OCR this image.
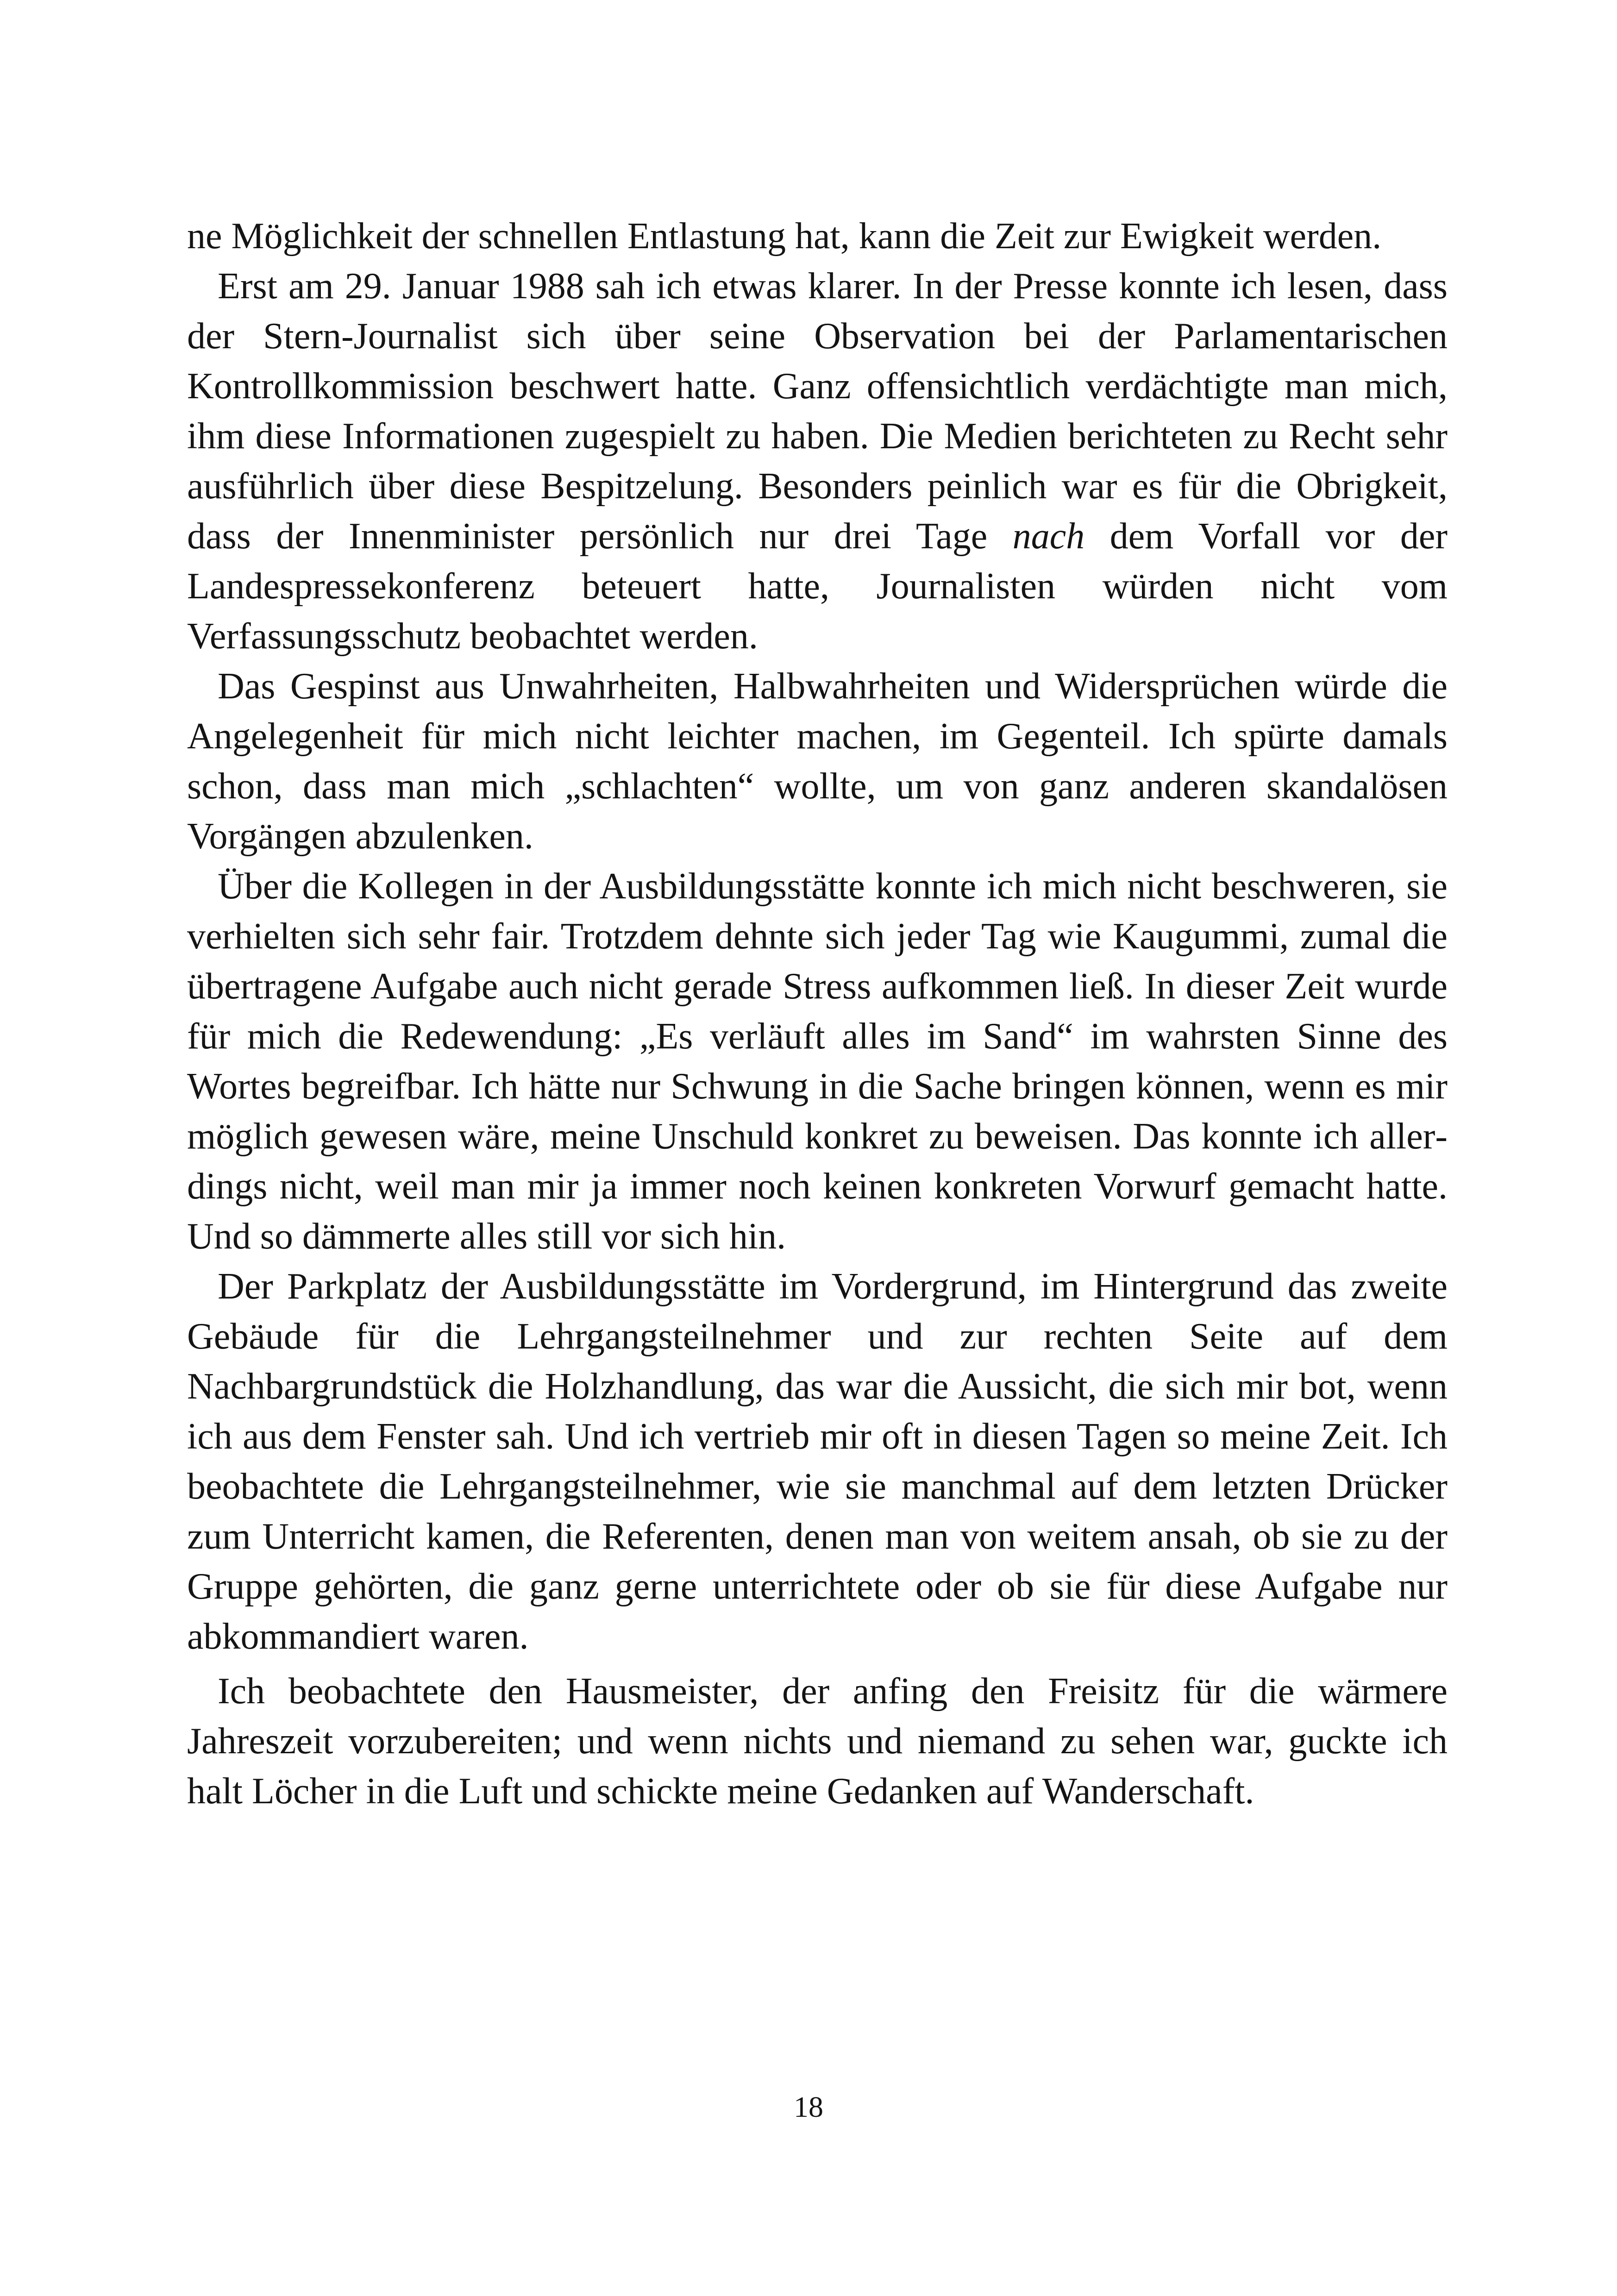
ne Möglichkeit der schnellen Entlastung hat, kann die Zeit zur Ewigkeit werden.

Erst am 29. Januar 1988 sah ich etwas klarer. In der Presse konnte ich lesen, dass der Stern-Journalist sich über seine Observation bei der Parlamentarischen Kontrollkommission beschwert hatte. Ganz offensichtlich verdächtigte man mich, ihm diese Informationen zugespielt zu haben. Die Medien berichteten zu Recht sehr ausführlich über diese Bespitzelung. Besonders peinlich war es für die Obrigkeit, dass der Innenminister persönlich nur drei Tage nach dem Vorfall vor der Landespressekonferenz beteuert hatte, Journalisten würden nicht vom Verfassungsschutz beobachtet werden.

Das Gespinst aus Unwahrheiten, Halbwahrheiten und Widersprüchen würde die Angelegenheit für mich nicht leichter machen, im Gegenteil. Ich spürte damals schon, dass man mich „schlachten“ wollte, um von ganz anderen skandalösen Vorgängen abzulenken.

Über die Kollegen in der Ausbildungsstätte konnte ich mich nicht beschweren, sie verhielten sich sehr fair. Trotzdem dehnte sich jeder Tag wie Kaugummi, zumal die übertragene Aufgabe auch nicht gerade Stress aufkommen ließ. In dieser Zeit wurde für mich die Redewendung: „Es verläuft alles im Sand“ im wahrsten Sinne des Wortes begreifbar. Ich hätte nur Schwung in die Sache bringen können, wenn es mir möglich gewesen wäre, meine Unschuld konkret zu beweisen. Das konnte ich allerdings nicht, weil man mir ja immer noch keinen konkreten Vorwurf gemacht hatte. Und so dämmerte alles still vor sich hin.

Der Parkplatz der Ausbildungsstätte im Vordergrund, im Hintergrund das zweite Gebäude für die Lehrgangsteilnehmer und zur rechten Seite auf dem Nachbargrundstück die Holzhandlung, das war die Aussicht, die sich mir bot, wenn ich aus dem Fenster sah. Und ich vertrieb mir oft in diesen Tagen so meine Zeit. Ich beobachtete die Lehrgangsteilnehmer, wie sie manchmal auf dem letzten Drücker zum Unterricht kamen, die Referenten, denen man von weitem ansah, ob sie zu der Gruppe gehörten, die ganz gerne unterrichtete oder ob sie für diese Aufgabe nur abkommandiert waren.

Ich beobachtete den Hausmeister, der anfing den Freisitz für die wärmere Jahreszeit vorzubereiten; und wenn nichts und niemand zu sehen war, guckte ich halt Löcher in die Luft und schickte meine Gedanken auf Wanderschaft.

18
